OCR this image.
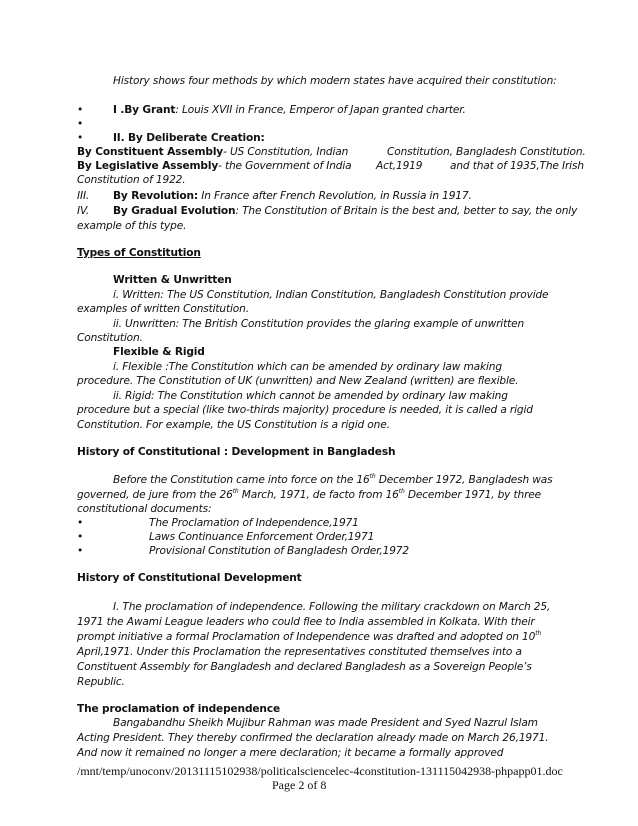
History shows four methods by which modern states have acquired their constitution:
•	I .By Grant: Louis XVII in France, Emperor of Japan granted charter.
•
•	II. By Deliberate Creation:
By Constituent Assembly- US Constitution, Indian	Constitution, Bangladesh Constitution.
By Legislative Assembly- the Government of India Act,1919	and that of 1935,The Irish
Constitution of 1922.
III. By Revolution: In France after French Revolution, in Russia in 1917.
IV. By Gradual Evolution: The Constitution of Britain is the best and, better to say, the only
example of this type.
Types of Constitution
Written & Unwritten
i. Written: The US Constitution, Indian Constitution, Bangladesh Constitution provide
examples of written Constitution.
ii. Unwritten: The British Constitution provides the glaring example of unwritten
Constitution.
Flexible & Rigid
i. Flexible :The Constitution which can be amended by ordinary law making
procedure. The Constitution of UK (unwritten) and New Zealand (written) are flexible.
ii. Rigid: The Constitution which cannot be amended by ordinary law making
procedure but a special (like two-thirds majority) procedure is needed, it is called a rigid
Constitution. For example, the US Constitution is a rigid one.
History of Constitutional : Development in Bangladesh
Before the Constitution came into force on the 16th December 1972, Bangladesh was
governed, de jure from the 26th March, 1971, de facto from 16th December 1971, by three
constitutional documents:
•	The Proclamation of Independence,1971
•	Laws Continuance Enforcement Order,1971
•	Provisional Constitution of Bangladesh Order,1972
History of Constitutional Development
I. The proclamation of independence. Following the military crackdown on March 25,
1971 the Awami League leaders who could flee to India assembled in Kolkata. With their
prompt initiative a formal Proclamation of Independence was drafted and adopted on 10th
April,1971. Under this Proclamation the representatives constituted themselves into a
Constituent Assembly for Bangladesh and declared Bangladesh as a Sovereign People’s
Republic.
The proclamation of independence
Bangabandhu Sheikh Mujibur Rahman was made President and Syed Nazrul Islam
Acting President. They thereby confirmed the declaration already made on March 26,1971.
And now it remained no longer a mere declaration; it became a formally approved
/mnt/temp/unoconv/20131115102938/politicalsciencelec-4constitution-131115042938-phpapp01.doc
Page 2 of 8
